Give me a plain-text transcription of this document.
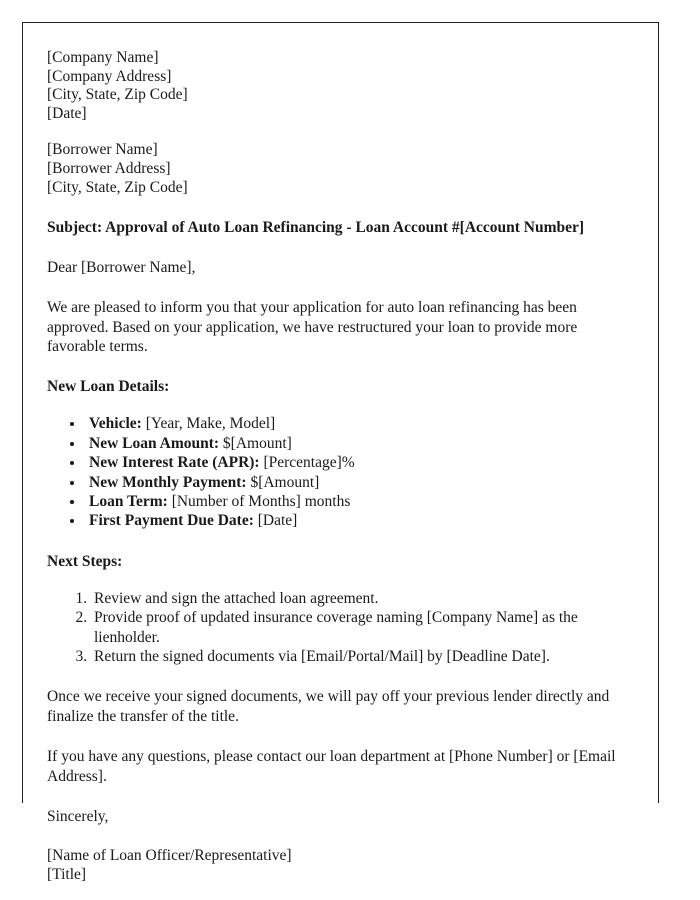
[Company Name]
[Company Address]
[City, State, Zip Code]
[Date]
[Borrower Name]
[Borrower Address]
[City, State, Zip Code]
Subject: Approval of Auto Loan Refinancing - Loan Account #[Account Number]
Dear [Borrower Name],
We are pleased to inform you that your application for auto loan refinancing has been approved. Based on your application, we have restructured your loan to provide more favorable terms.
New Loan Details:
• Vehicle: [Year, Make, Model]
• New Loan Amount: $[Amount]
• New Interest Rate (APR): [Percentage]%
• New Monthly Payment: $[Amount]
• Loan Term: [Number of Months] months
• First Payment Due Date: [Date]
Next Steps:
1. Review and sign the attached loan agreement.
2. Provide proof of updated insurance coverage naming [Company Name] as the lienholder.
3. Return the signed documents via [Email/Portal/Mail] by [Deadline Date].
Once we receive your signed documents, we will pay off your previous lender directly and finalize the transfer of the title.
If you have any questions, please contact our loan department at [Phone Number] or [Email Address].
Sincerely,
[Name of Loan Officer/Representative]
[Title]
